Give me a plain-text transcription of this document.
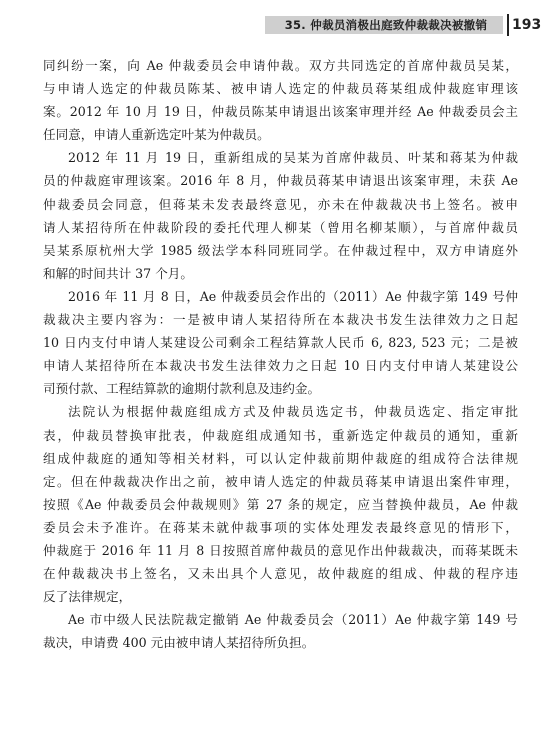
35. 仲裁员消极出庭致仲裁裁决被撤销	193

同纠纷一案，向 Ae 仲裁委员会申请仲裁。双方共同选定的首席仲裁员吴某，
与申请人选定的仲裁员陈某、被申请人选定的仲裁员蒋某组成仲裁庭审理该
案。2012 年 10 月 19 日，仲裁员陈某申请退出该案审理并经 Ae 仲裁委员会主
任同意，申请人重新选定叶某为仲裁员。

2012 年 11 月 19 日，重新组成的吴某为首席仲裁员、叶某和蒋某为仲裁
员的仲裁庭审理该案。2016 年 8 月，仲裁员蒋某申请退出该案审理，未获 Ae
仲裁委员会同意，但蒋某未发表最终意见，亦未在仲裁裁决书上签名。被申
请人某招待所在仲裁阶段的委托代理人柳某（曾用名柳某顺），与首席仲裁员
吴某系原杭州大学 1985 级法学本科同班同学。在仲裁过程中，双方申请庭外
和解的时间共计 37 个月。

2016 年 11 月 8 日，Ae 仲裁委员会作出的（2011）Ae 仲裁字第 149 号仲
裁裁决主要内容为：一是被申请人某招待所在本裁决书发生法律效力之日起
10 日内支付申请人某建设公司剩余工程结算款人民币 6, 823, 523 元；二是被
申请人某招待所在本裁决书发生法律效力之日起 10 日内支付申请人某建设公
司预付款、工程结算款的逾期付款利息及违约金。

法院认为根据仲裁庭组成方式及仲裁员选定书，仲裁员选定、指定审批
表，仲裁员替换审批表，仲裁庭组成通知书，重新选定仲裁员的通知，重新
组成仲裁庭的通知等相关材料，可以认定仲裁前期仲裁庭的组成符合法律规
定。但在仲裁裁决作出之前，被申请人选定的仲裁员蒋某申请退出案件审理，
按照《Ae 仲裁委员会仲裁规则》第 27 条的规定，应当替换仲裁员，Ae 仲裁
委员会未予准许。在蒋某未就仲裁事项的实体处理发表最终意见的情形下，
仲裁庭于 2016 年 11 月 8 日按照首席仲裁员的意见作出仲裁裁决，而蒋某既未
在仲裁裁决书上签名，又未出具个人意见，故仲裁庭的组成、仲裁的程序违
反了法律规定，

Ae 市中级人民法院裁定撤销 Ae 仲裁委员会（2011）Ae 仲裁字第 149 号
裁决，申请费 400 元由被申请人某招待所负担。
